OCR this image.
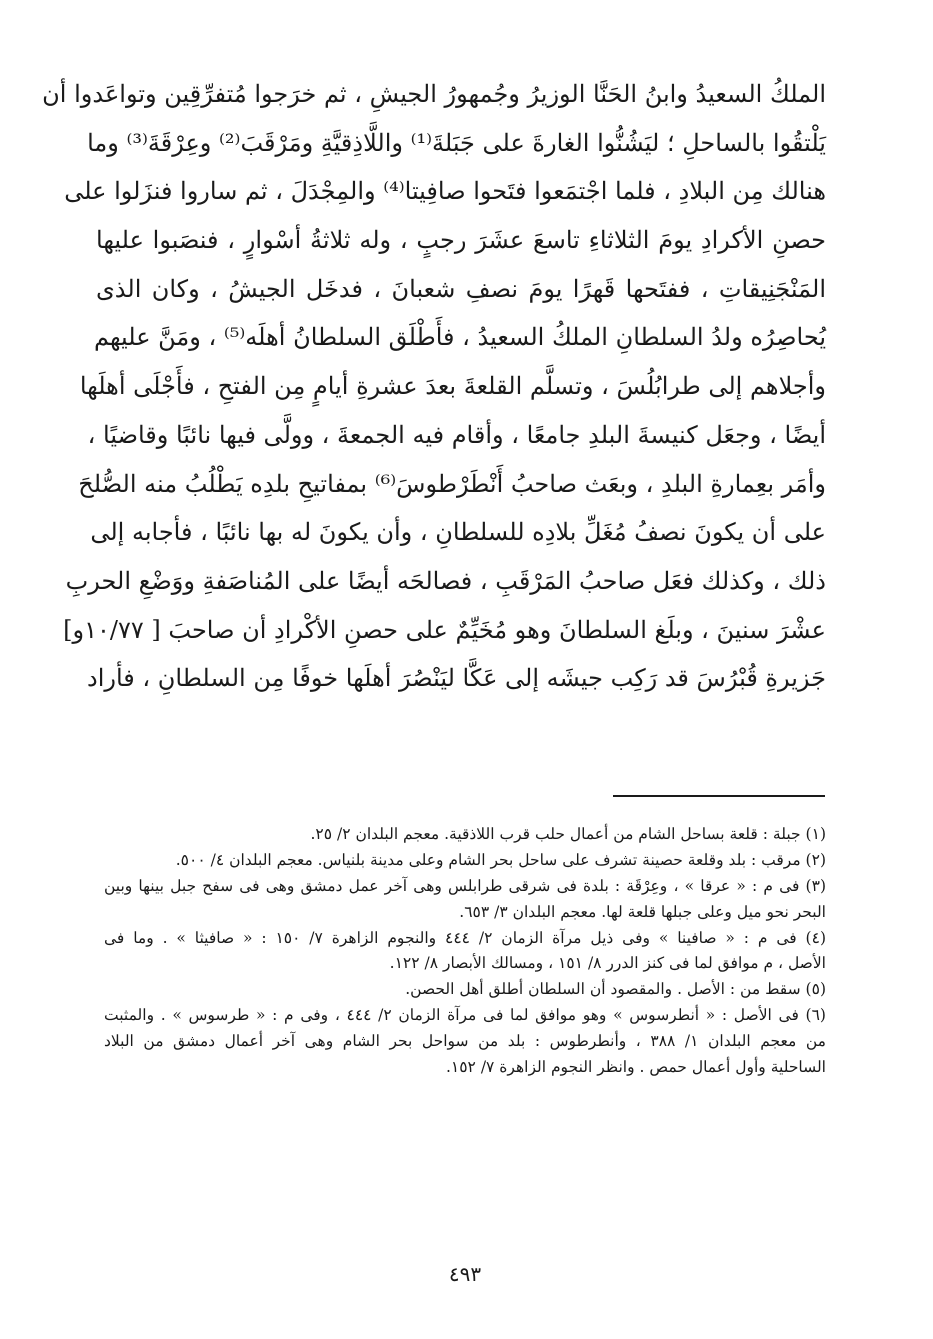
الملكُ السعيدُ وابنُ الحَنَّا الوزيرُ وجُمهورُ الجيشِ ، ثم خرَجوا مُتفرِّقِين وتواعَدوا أن
يَلْتقُوا بالساحلِ ؛ ليَشُنُّوا الغارةَ على جَبَلةَ⁽¹⁾ واللَّاذِقيَّةِ ومَرْقَبَ⁽²⁾ وعِرْقَةَ⁽³⁾ وما
هنالك مِن البلادِ ، فلما اجْتمَعوا فتَحوا صافِيتا⁽⁴⁾ والمِجْدَلَ ، ثم ساروا فنزَلوا على
حصنِ الأكرادِ يومَ الثلاثاءِ تاسعَ عشَرَ رجبٍ ، وله ثلاثةُ أسْوارٍ ، فنصَبوا عليها
المَنْجَنِيقاتِ ، ففتَحها قَهرًا يومَ نصفِ شعبانَ ، فدخَل الجيشُ ، وكان الذى
يُحاصِرُه ولدُ السلطانِ الملكُ السعيدُ ، فأَطْلَق السلطانُ أهلَه⁽⁵⁾ ، ومَنَّ عليهم
وأجلاهم إلى طرابُلُسَ ، وتسلَّم القلعةَ بعدَ عشرةِ أيامٍ مِن الفتحِ ، فأَجْلَى أهلَها
أيضًا ، وجعَل كنيسةَ البلدِ جامعًا ، وأقام فيه الجمعةَ ، وولَّى فيها نائبًا وقاضيًا ،
وأمَر بعِمارةِ البلدِ ، وبعَث صاحبُ أَنْطَرْطوسَ⁽⁶⁾ بمفاتيحِ بلدِه يَطْلُبُ منه الصُّلحَ
على أن يكونَ نصفُ مُغَلِّ بلادِه للسلطانِ ، وأن يكونَ له بها نائبًا ، فأجابه إلى
ذلك ، وكذلك فعَل صاحبُ المَرْقَبِ ، فصالحَه أيضًا على المُناصَفةِ ووَضْعِ الحربِ
عشْرَ سنينَ ، وبلَغ السلطانَ وهو مُخَيِّمٌ على حصنِ الأكْرادِ أن صاحبَ [ ١٠/٧٧و]
جَزيرةِ قُبْرُسَ قد رَكِب جيشَه إلى عَكَّا ليَنْصُرَ أهلَها خوفًا مِن السلطانِ ، فأراد
(١) جبلة : قلعة بساحل الشام من أعمال حلب قرب اللاذقية. معجم البلدان ٢/ ٢٥.
(٢) مرقب : بلد وقلعة حصينة تشرف على ساحل بحر الشام وعلى مدينة بلنياس. معجم البلدان ٤/ ٥٠٠.
(٣) فى م : « عرقا » ، وعِرْقَة : بلدة فى شرقى طرابلس وهى آخر عمل دمشق وهى فى سفح جبل بينها وبين
البحر نحو ميل وعلى جبلها قلعة لها. معجم البلدان ٣/ ٦٥٣.
(٤) فى م : « صافينا » وفى ذيل مرآة الزمان ٢/ ٤٤٤ والنجوم الزاهرة ٧/ ١٥٠ : « صافيثا » . وما فى
الأصل ، م موافق لما فى كنز الدرر ٨/ ١٥١ ، ومسالك الأبصار ٨/ ١٢٢.
(٥) سقط من : الأصل . والمقصود أن السلطان أطلق أهل الحصن.
(٦) فى الأصل : « أنطرسوس » وهو موافق لما فى مرآة الزمان ٢/ ٤٤٤ ، وفى م : « طرسوس » . والمثبت
من معجم البلدان ١/ ٣٨٨ ، وأنطرطوس : بلد من سواحل بحر الشام وهى آخر أعمال دمشق من البلاد
الساحلية وأول أعمال حمص . وانظر النجوم الزاهرة ٧/ ١٥٢.
٤٩٣
